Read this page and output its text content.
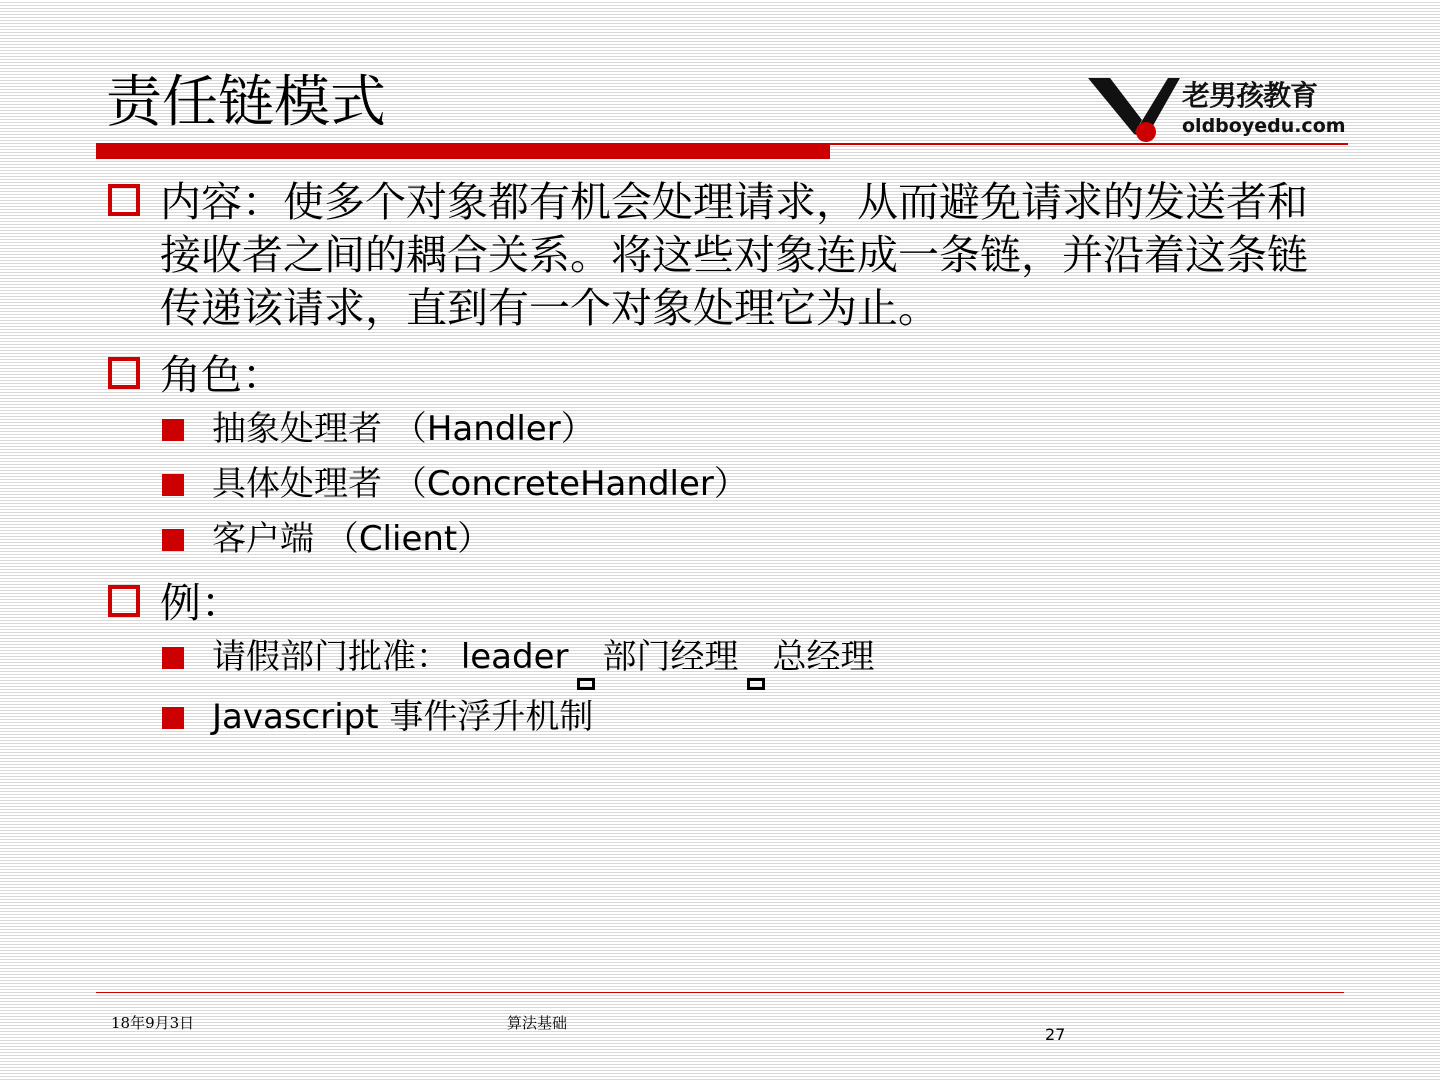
责任链模式	老男孩教育
oldboyedu.com
内容：使多个对象都有机会处理请求，从而避免请求的发送者和接收者之间的耦合关系。将这些对象连成一条链，并沿着这条链传递该请求，直到有一个对象处理它为止。
角色：
抽象处理者 （Handler）
具体处理者 （ConcreteHandler）
客户端 （Client）
例：
请假部门批准： leader 部门经理 总经理
Javascript 事件浮升机制
18年9月3日	算法基础
27
